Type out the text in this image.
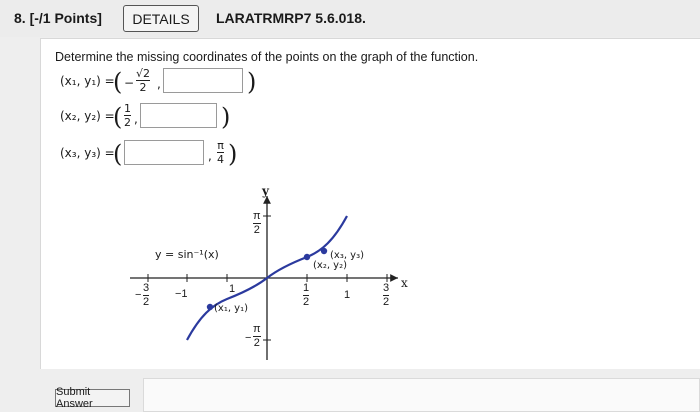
8. [-/1 Points]	DETAILS	LARATRMRP7 5.6.018.
Determine the missing coordinates of the points on the graph of the function.
(x₁, y₁) =
( −
√2
2 ,	)
(x₂, y₂) =
( 1
2 ,	)
(x₃, y₃) =
(	,
π
4 )
y
x
y = sin⁻¹(x)
π
2
−
π
2
−
3
2
−1	1	1
2
1
3
2
(x₁, y₁)
(x₂, y₂)
(x₃, y₃)
Submit Answer
